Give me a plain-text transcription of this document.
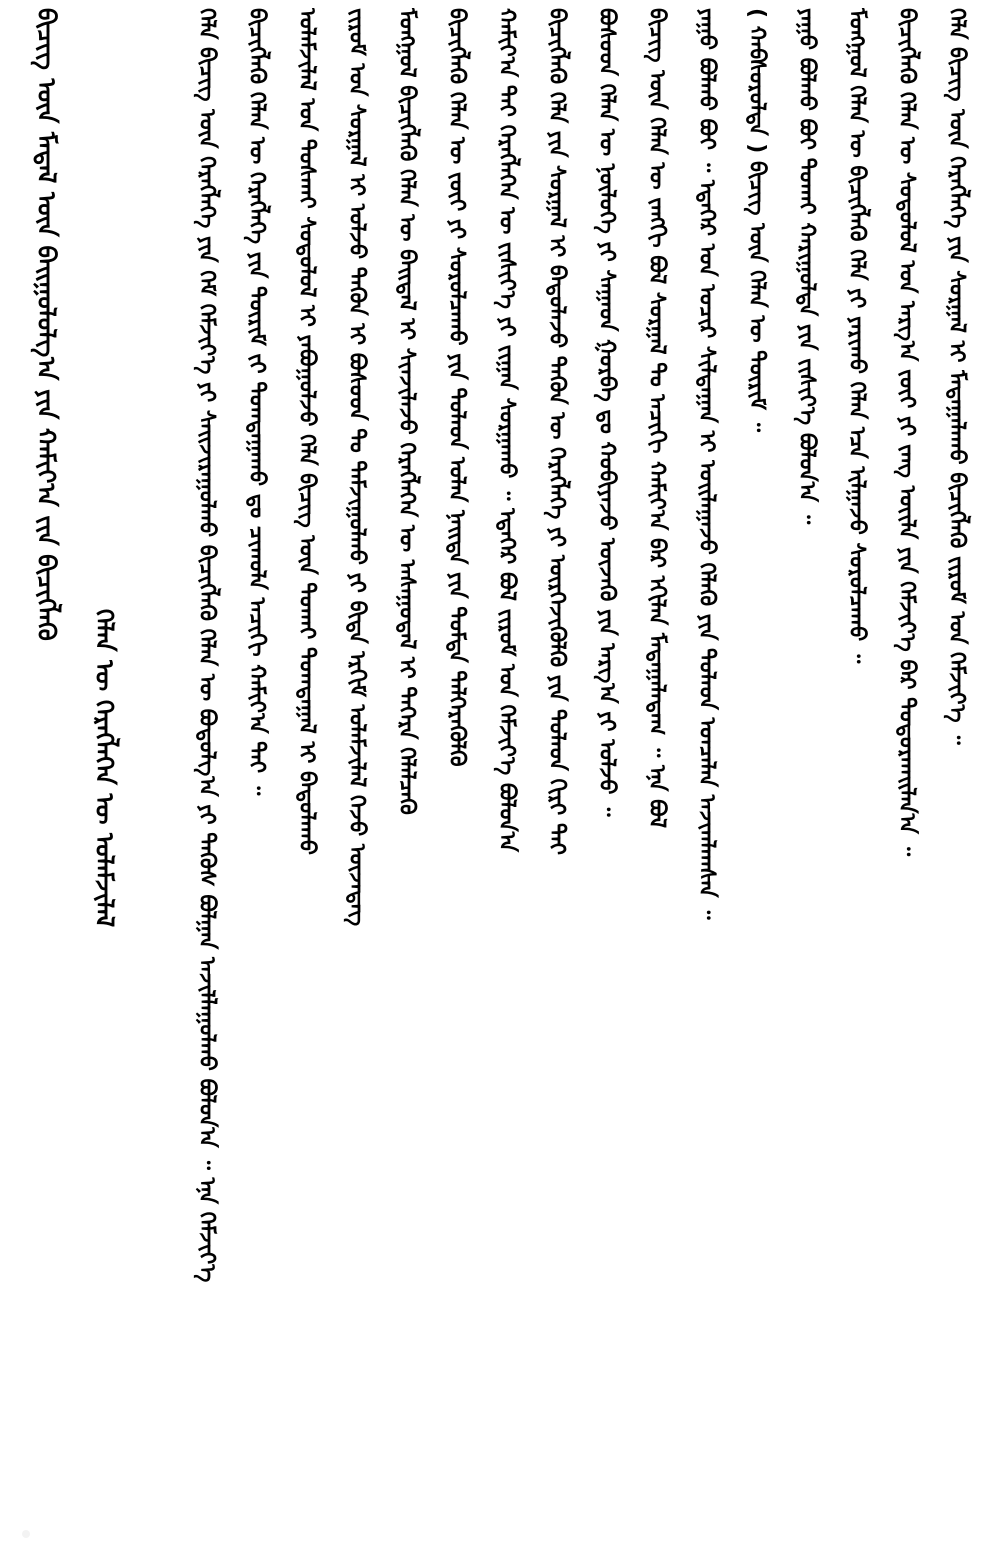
ᠪᠢᠴᠢᠭ ᠦᠨ ᠮᠠᠳᠠᠯ ᠦᠨ ᠪᠠᠢᠭᠤᠯᠤᠯᠭ᠎ᠠ ᠶᠢᠨ ᠬᠠᠮᠢᠶ᠎ᠠ ᠵᠢᠨ ᠪᠢᠴᠢᠭᠯᠡᠬᠦ
ᠬᠡᠯᠡᠨ ᠦ ᠬᠡᠷᠡᠭᠯᠡᠭᠡᠨ ᠦ ᠤᠯᠠᠮᠵᠢᠯᠠᠯ	ᠬᠡᠯᠡ ᠪᠢᠴᠢᠭ ᠦᠨ ᠬᠡᠷᠡᠭᠯᠡᠭᠡ ᠶᠢᠨ ᠬᠡᠮ ᠬᠡᠮᠵᠢᠶ᠎ᠡ ᠶᠢ ᠰᠠᠢᠵᠢᠷᠠᠭᠤᠯᠬᠤ ᠪᠢᠴᠢᠭᠯᠡᠬᠦ ᠬᠡᠯᠡᠨ ᠦ ᠪᠣᠳᠣᠯᠭ᠎ᠠ ᠶᠢ ᠲᠡᠭᠦᠰ ᠪᠣᠯᠭᠠᠨ ᠠᠵᠢᠯᠯᠠᠭᠤᠯᠬᠤ ᠪᠣᠯᠤᠨ᠎ᠠ ᠃ ᠡᠨᠡ ᠬᠡᠮᠵᠢᠶ᠎ᠡ	ᠪᠢᠴᠢᠭᠯᠡᠬᠦ ᠬᠡᠯᠡᠨ ᠦ ᠬᠡᠷᠡᠭᠯᠡᠭᠡ ᠶᠢᠨ ᠳᠦᠷᠢᠮ ᠵᠢ ᠲᠣᠭᠲᠠᠭᠠᠬᠤ ᠳᠤ ᠴᠢᠬᠤᠯᠠ ᠠᠴᠢᠬᠢ ᠬᠠᠮᠢᠶ᠎ᠠ ᠲᠠᠢ ᠃	ᠤᠯᠠᠮᠵᠢᠯᠠᠯ ᠤᠨ ᠲᠤᠰᠬᠠᠢ ᠰᠤᠳᠤᠯᠤᠯ ᠢ ᠶᠠᠪᠤᠭᠤᠯᠵᠤ ᠬᠡᠯᠡ ᠪᠢᠴᠢᠭ ᠦᠨ ᠲᠤᠬᠠᠢ ᠲᠣᠭᠲᠠᠭᠠᠯ ᠢ ᠪᠠᠲᠤᠯᠠᠬᠤ	ᠵᠢᠷᠤᠮ ᠤᠨ ᠰᠤᠷᠭᠠᠯ ᠢ ᠣᠯᠵᠤ ᠲᠡᠭᠦᠨ ᠢ ᠪᠤᠰᠤᠳ ᠲᠤ ᠳᠠᠮᠵᠢᠭᠤᠯᠬᠤ ᠶᠢ ᠪᠢᠳᠡ ᠡᠷᠬᠢᠮ ᠤᠯᠠᠮᠵᠢᠯᠠᠯ ᠭᠡᠵᠦ ᠦᠵᠡᠳᠡᠭ	ᠮᠣᠩᠭᠣᠯ ᠪᠢᠴᠢᠭᠯᠡᠬᠦ ᠬᠡᠯᠡᠨ ᠦ ᠪᠠᠢᠳᠠᠯ ᠢ ᠰᠢᠨᠵᠢᠯᠡᠵᠦ ᠬᠡᠷᠡᠭᠯᠡᠭᠡᠨ ᠦ ᠠᠰᠠᠭᠤᠳᠠᠯ ᠢ ᠳᠡᠭᠡᠷᠡ ᠬᠡᠯᠡᠯᠴᠡᠬᠦ	ᠪᠢᠴᠢᠭᠯᠡᠬᠦ ᠬᠡᠯᠡᠨ ᠦ ᠵᠦᠢ ᠶᠢ ᠰᠤᠷᠤᠯᠴᠠᠬᠤ ᠶᠢᠨ ᠲᠤᠯᠠᠳ ᠣᠯᠠᠨ ᠨᠡᠢᠲᠡ ᠶᠢᠨ ᠳᠤᠮᠳᠠ ᠳᠡᠯᠭᠡᠷᠡᠭᠦᠯᠬᠦ	ᠬᠠᠮᠢᠶ᠎ᠠ ᠲᠠᠢ ᠬᠡᠷᠡᠭᠯᠡᠭᠡᠨ ᠦ ᠵᠢᠱᠢᠶ᠎ᠡ ᠶᠢ ᠵᠢᠭᠠᠨ ᠰᠤᠷᠭᠠᠬᠤ ᠃ ᠡᠳᠡᠭᠡᠷ ᠪᠣᠯ ᠵᠢᠷᠤᠮ ᠤᠨ ᠬᠡᠮᠵᠢᠶ᠎ᠡ ᠪᠣᠯᠤᠨ᠎ᠠ	ᠪᠢᠴᠢᠭᠯᠡᠬᠦ ᠬᠡᠯᠡ ᠶᠢᠨ ᠰᠤᠷᠭᠠᠯ ᠢ ᠪᠠᠲᠤᠯᠠᠵᠤ ᠲᠡᠭᠦᠨ ᠦ ᠬᠡᠷᠡᠭᠯᠡᠭᠡ ᠶᠢ ᠥᠷᠭᠡᠵᠢᠭᠦᠯᠬᠦ ᠶᠢᠨ ᠲᠤᠯᠠᠳ ᠬᠢᠷᠢ ᠲᠠᠢ	ᠪᠤᠰᠤᠳ ᠬᠡᠯᠡᠨ ᠦ ᠨᠥᠯᠦᠭᠡ ᠶᠢ ᠰᠠᠭᠠᠳ ᠭᠤᠷᠪᠠ ᠳᠤ ᠬᠤᠪᠢᠶᠠᠵᠤ ᠦᠵᠡᠬᠦ ᠶᠢᠨ ᠠᠷᠭ᠎ᠠ ᠶᠢ ᠣᠯᠵᠤ ᠃	ᠪᠢᠴᠢᠭ ᠦᠨ ᠬᠡᠯᠡᠨ ᠦ ᠵᠠᠩᠭᠢ ᠪᠣᠯ ᠰᠤᠷᠭᠠᠯ ᠲᠤ ᠠᠴᠢᠬᠢ ᠬᠠᠮᠢᠶ᠎ᠠ ᠪᠡᠷ ᠡᠬᠢᠯᠡᠨ ᠮᠠᠳᠠᠭᠠᠯᠠᠳᠠᠭ ᠃ ᠡᠨᠡ ᠪᠣᠯ	ᠶᠠᠭᠤ ᠪᠣᠯᠬᠤ ᠪᠤᠢ ᠃ ᠡᠳᠡᠭᠡᠷ ᠤᠨ ᠤᠴᠢᠷ ᠰᠢᠯᠲᠠᠭᠠᠨ ᠢ ᠣᠢᠯᠠᠭᠠᠵᠤ ᠬᠡᠯᠡᠬᠦ ᠶᠢᠨ ᠲᠤᠯᠠᠳ ᠣᠨᠴᠠᠯᠠᠨ ᠠᠵᠢᠭᠯᠠᠭᠰᠠᠨ ᠃	( ᠬᠠᠪᠰᠤᠷᠤᠯᠲᠠ ) ᠪᠢᠴᠢᠭ ᠦᠨ ᠬᠡᠯᠡᠨ ᠦ ᠳᠦᠷᠢᠮ ᠃	ᠶᠠᠭᠤ ᠪᠣᠯᠬᠤ ᠪᠤᠢ ᠲᠤᠬᠠᠢ ᠬᠠᠷᠢᠭᠤᠯᠲᠠ ᠶᠢᠨ ᠵᠢᠱᠢᠶ᠎ᠡ ᠪᠣᠯᠤᠨ᠎ᠠ ᠃	ᠮᠣᠩᠭᠣᠯ ᠬᠡᠯᠡᠨ ᠦ ᠪᠢᠴᠢᠭᠯᠡᠬᠦ ᠬᠡᠯᠡ ᠶᠢ ᠶᠠᠷᠢᠬᠤ ᠬᠡᠯᠡᠨ ᠡᠴᠡ ᠢᠯᠭᠠᠵᠤ ᠰᠤᠷᠤᠯᠴᠠᠬᠤ ᠃	ᠪᠢᠴᠢᠭᠯᠡᠬᠦ ᠬᠡᠯᠡᠨ ᠦ ᠰᠤᠳᠤᠯᠤᠯ ᠤᠨ ᠠᠷᠭ᠎ᠠ ᠵᠦᠢ ᠶᠢ ᠵᠠᠩ ᠦᠢᠯᠡ ᠶᠢᠨ ᠬᠡᠮᠵᠢᠶ᠎ᠡ ᠪᠡᠷ ᠲᠣᠳᠤᠷᠬᠠᠢᠯᠠᠨ᠎ᠠ ᠃	ᠬᠡᠯᠡ ᠪᠢᠴᠢᠭ ᠦᠨ ᠬᠡᠷᠡᠭᠯᠡᠭᠡ ᠶᠢᠨ ᠰᠤᠷᠭᠠᠯ ᠢ ᠮᠠᠳᠠᠭᠠᠯᠠᠬᠤ ᠪᠢᠴᠢᠭᠯᠡᠬᠦ ᠵᠢᠷᠤᠮ ᠤᠨ ᠬᠡᠮᠵᠢᠶ᠎ᠡ ᠃
